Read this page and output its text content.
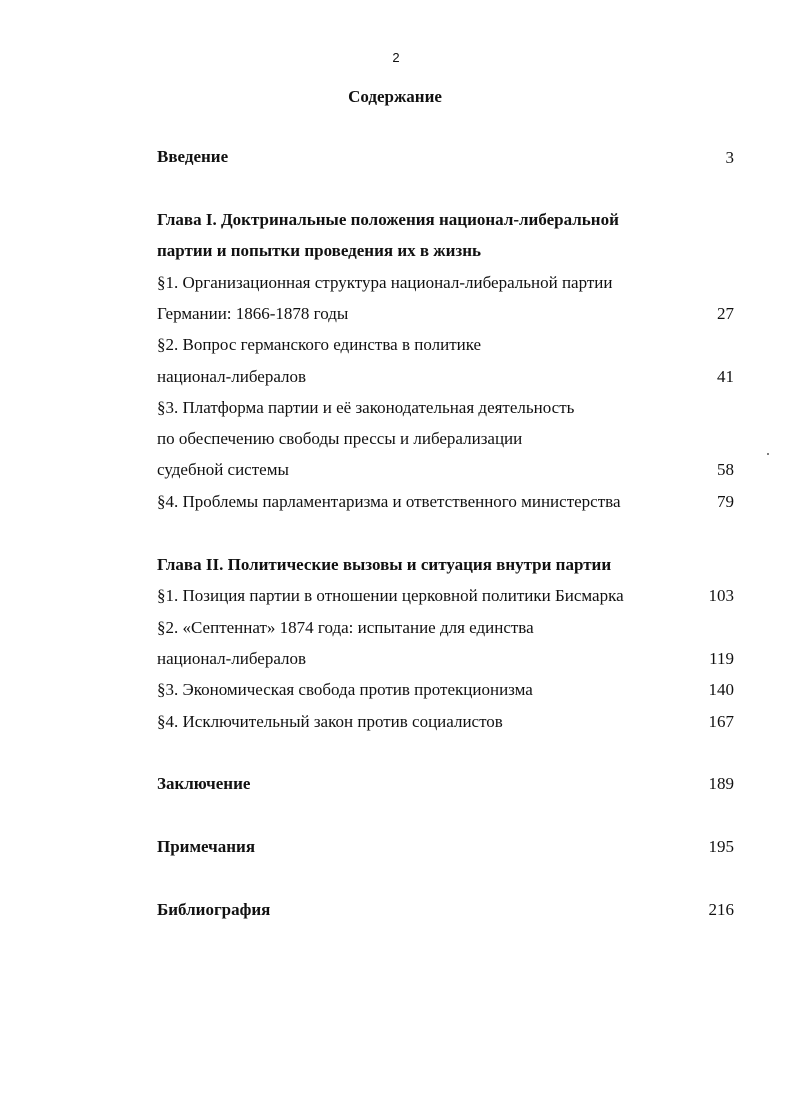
2
Содержание
Введение	3
Глава I. Доктринальные положения национал-либеральной
партии и попытки проведения их в жизнь
§1. Организационная структура национал-либеральной партии
Германии: 1866-1878 годы	27
§2. Вопрос германского единства в политике
национал-либералов	41
§3. Платформа партии и её законодательная деятельность
по обеспечению свободы прессы и либерализации
судебной системы	58
§4. Проблемы парламентаризма и ответственного министерства	79
Глава II. Политические вызовы и ситуация внутри партии
§1. Позиция партии в отношении церковной политики Бисмарка	103
§2. «Септеннат» 1874 года: испытание для единства
национал-либералов	119
§3. Экономическая свобода против протекционизма	140
§4. Исключительный закон против социалистов	167
Заключение	189
Примечания	195
Библиография	216
